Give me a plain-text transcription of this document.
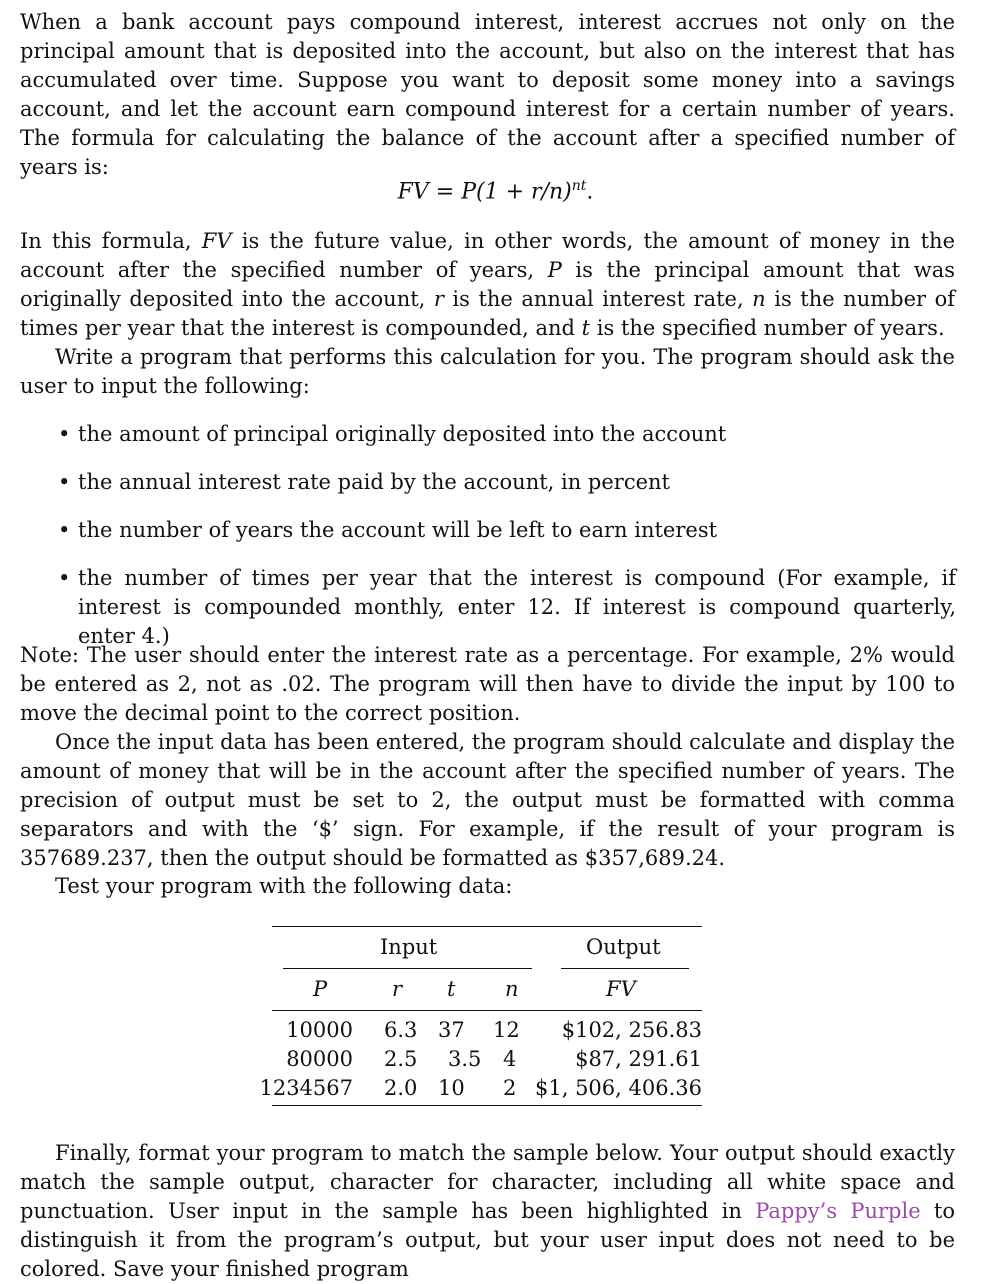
When a bank account pays compound interest, interest accrues not only on the principal amount that is deposited into the account, but also on the interest that has accumulated over time. Suppose you want to deposit some money into a savings account, and let the account earn compound interest for a certain number of years. The formula for calculating the balance of the account after a specified number of years is:

FV = $P(1 + r/n)^{nt}$.

In this formula, FV is the future value, in other words, the amount of money in the account after the specified number of years, P is the principal amount that was originally deposited into the account, r is the annual interest rate, n is the number of times per year that the interest is compounded, and t is the specified number of years.

Write a program that performs this calculation for you. The program should ask the user to input the following:

• the amount of principal originally deposited into the account
• the annual interest rate paid by the account, in percent
• the number of years the account will be left to earn interest
• the number of times per year that the interest is compound (For example, if interest is compounded monthly, enter 12. If interest is compound quarterly, enter 4.)

Note: The user should enter the interest rate as a percentage. For example, 2% would be entered as 2, not as .02. The program will then have to divide the input by 100 to move the decimal point to the correct position.

Once the input data has been entered, the program should calculate and display the amount of money that will be in the account after the specified number of years. The precision of output must be set to 2, the output must be formatted with comma separators and with the ‘$’ sign. For example, if the result of your program is 357689.237, then the output should be formatted as $357,689.24.

Test your program with the following data:

Input	Output
P	r t n	FV
10000 6.3 37 12 $102, 256.83
80000 2.5 3.5 4	$87, 291.61
1234567 2.0 10 2 $1, 506, 406.36

Finally, format your program to match the sample below. Your output should exactly match the sample output, character for character, including all white space and punctuation. User input in the sample has been highlighted in Pappy’s Purple to distinguish it from the program’s output, but your user input does not need to be colored. Save your finished program
